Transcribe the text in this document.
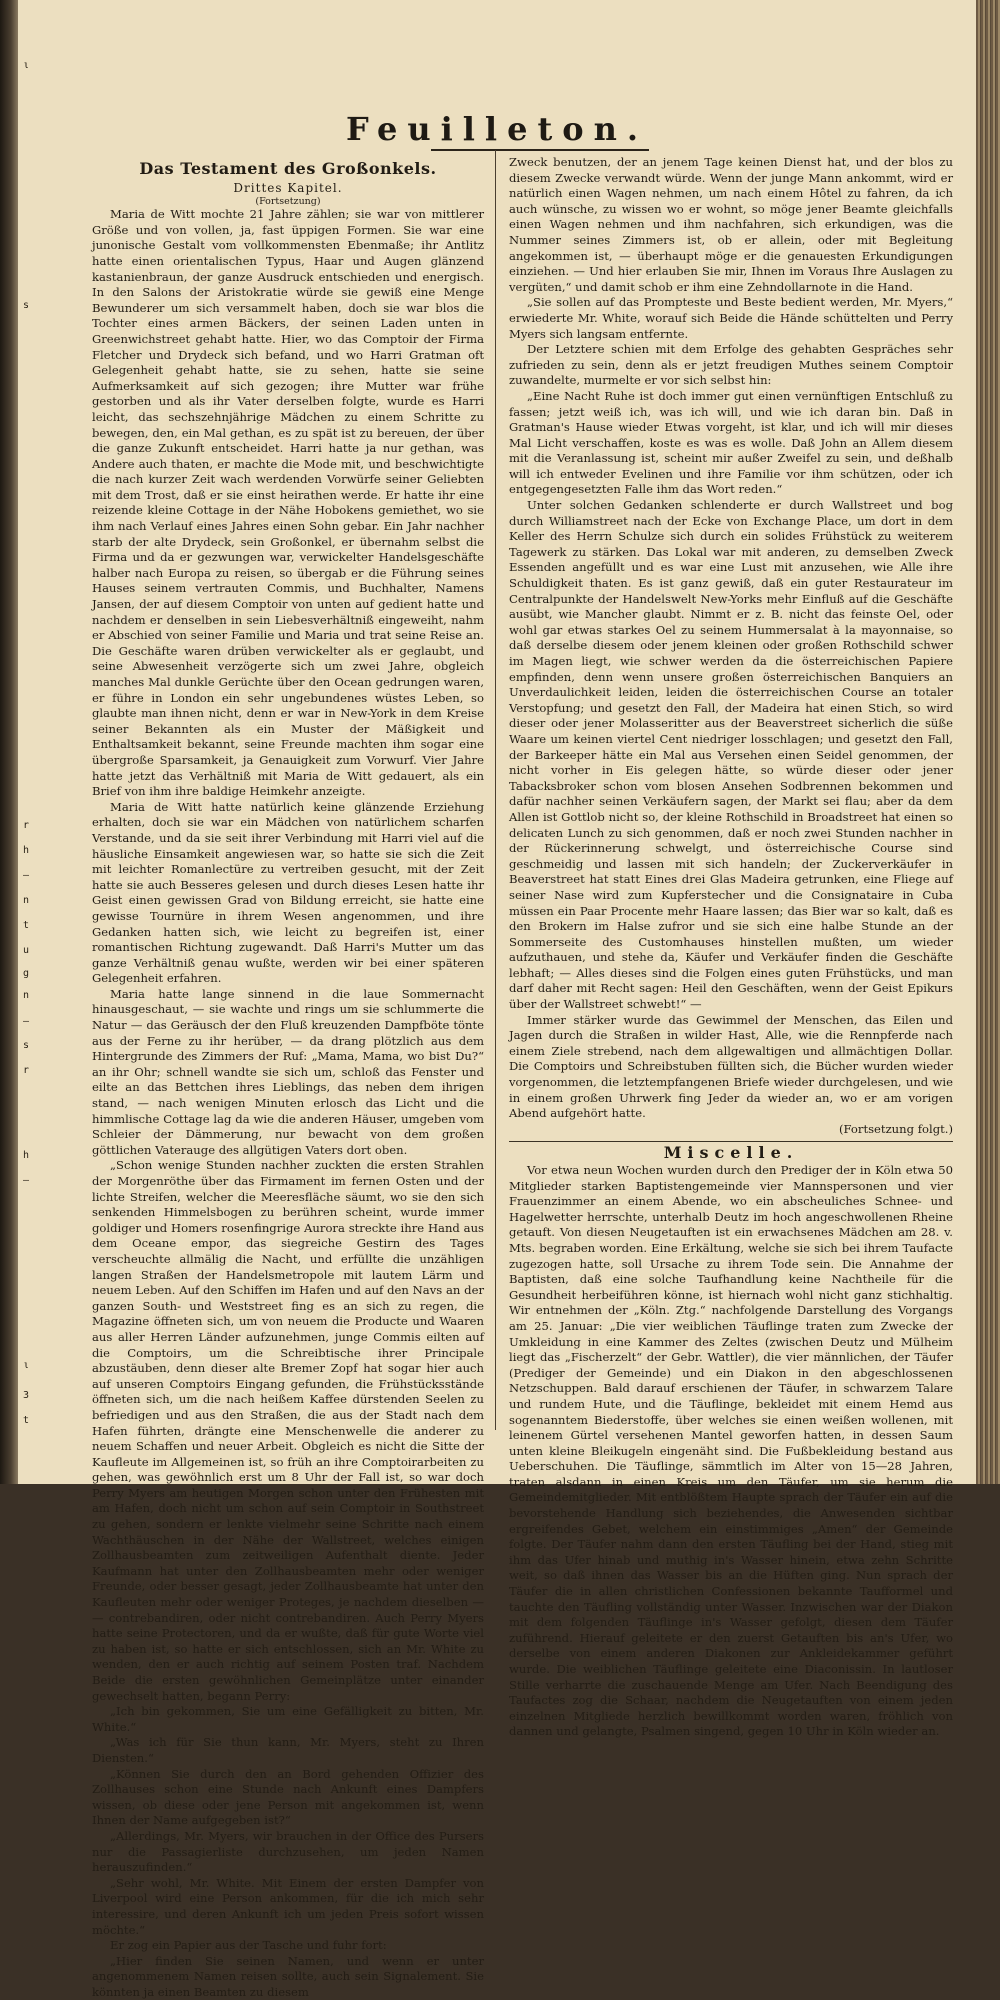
ι
s
r
h
—
n
t
u
g
n
—
s
r
h
—
ι
3
t
Feuilleton.
Das Testament des Großonkels.
Drittes Kapitel.
(Fortsetzung)

Maria de Witt mochte 21 Jahre zählen; sie war von mittlerer Größe und von vollen, ja, fast üppigen Formen. Sie war eine junonische Gestalt vom vollkommensten Ebenmaße; ihr Antlitz hatte einen orientalischen Typus, Haar und Augen glänzend kastanienbraun, der ganze Ausdruck entschieden und energisch. In den Salons der Aristokratie würde sie gewiß eine Menge Bewunderer um sich versammelt haben, doch sie war blos die Tochter eines armen Bäckers, der seinen Laden unten in Greenwichstreet gehabt hatte. Hier, wo das Comptoir der Firma Fletcher und Drydeck sich befand, und wo Harri Gratman oft Gelegenheit gehabt hatte, sie zu sehen, hatte sie seine Aufmerksamkeit auf sich gezogen; ihre Mutter war frühe gestorben und als ihr Vater derselben folgte, wurde es Harri leicht, das sechszehnjährige Mädchen zu einem Schritte zu bewegen, den, ein Mal gethan, es zu spät ist zu bereuen, der über die ganze Zukunft entscheidet. Harri hatte ja nur gethan, was Andere auch thaten, er machte die Mode mit, und beschwichtigte die nach kurzer Zeit wach werdenden Vorwürfe seiner Geliebten mit dem Trost, daß er sie einst heirathen werde. Er hatte ihr eine reizende kleine Cottage in der Nähe Hobokens gemiethet, wo sie ihm nach Verlauf eines Jahres einen Sohn gebar. Ein Jahr nachher starb der alte Drydeck, sein Großonkel, er übernahm selbst die Firma und da er gezwungen war, verwickelter Handelsgeschäfte halber nach Europa zu reisen, so übergab er die Führung seines Hauses seinem vertrauten Commis, und Buchhalter, Namens Jansen, der auf diesem Comptoir von unten auf gedient hatte und nachdem er denselben in sein Liebesverhältniß eingeweiht, nahm er Abschied von seiner Familie und Maria und trat seine Reise an. Die Geschäfte waren drüben verwickelter als er geglaubt, und seine Abwesenheit verzögerte sich um zwei Jahre, obgleich manches Mal dunkle Gerüchte über den Ocean gedrungen waren, er führe in London ein sehr ungebundenes wüstes Leben, so glaubte man ihnen nicht, denn er war in New-York in dem Kreise seiner Bekannten als ein Muster der Mäßigkeit und Enthaltsamkeit bekannt, seine Freunde machten ihm sogar eine übergroße Sparsamkeit, ja Genauigkeit zum Vorwurf. Vier Jahre hatte jetzt das Verhältniß mit Maria de Witt gedauert, als ein Brief von ihm ihre baldige Heimkehr anzeigte.

Maria de Witt hatte natürlich keine glänzende Erziehung erhalten, doch sie war ein Mädchen von natürlichem scharfen Verstande, und da sie seit ihrer Verbindung mit Harri viel auf die häusliche Einsamkeit angewiesen war, so hatte sie sich die Zeit mit leichter Romanlectüre zu vertreiben gesucht, mit der Zeit hatte sie auch Besseres gelesen und durch dieses Lesen hatte ihr Geist einen gewissen Grad von Bildung erreicht, sie hatte eine gewisse Tournüre in ihrem Wesen angenommen, und ihre Gedanken hatten sich, wie leicht zu begreifen ist, einer romantischen Richtung zugewandt. Daß Harri's Mutter um das ganze Verhältniß genau wußte, werden wir bei einer späteren Gelegenheit erfahren.

Maria hatte lange sinnend in die laue Sommernacht hinausgeschaut, — sie wachte und rings um sie schlummerte die Natur — das Geräusch der den Fluß kreuzenden Dampfböte tönte aus der Ferne zu ihr herüber, — da drang plötzlich aus dem Hintergrunde des Zimmers der Ruf: „Mama, Mama, wo bist Du?“ an ihr Ohr; schnell wandte sie sich um, schloß das Fenster und eilte an das Bettchen ihres Lieblings, das neben dem ihrigen stand, — nach wenigen Minuten erlosch das Licht und die himmlische Cottage lag da wie die anderen Häuser, umgeben vom Schleier der Dämmerung, nur bewacht von dem großen göttlichen Vaterauge des allgütigen Vaters dort oben.

„Schon wenige Stunden nachher zuckten die ersten Strahlen der Morgenröthe über das Firmament im fernen Osten und der lichte Streifen, welcher die Meeresfläche säumt, wo sie den sich senkenden Himmelsbogen zu berühren scheint, wurde immer goldiger und Homers rosenfingrige Aurora streckte ihre Hand aus dem Oceane empor, das siegreiche Gestirn des Tages verscheuchte allmälig die Nacht, und erfüllte die unzähligen langen Straßen der Handelsmetropole mit lautem Lärm und neuem Leben. Auf den Schiffen im Hafen und auf den Navs an der ganzen South- und Weststreet fing es an sich zu regen, die Magazine öffneten sich, um von neuem die Producte und Waaren aus aller Herren Länder aufzunehmen, junge Commis eilten auf die Comptoirs, um die Schreibtische ihrer Principale abzustäuben, denn dieser alte Bremer Zopf hat sogar hier auch auf unseren Comptoirs Eingang gefunden, die Frühstücksstände öffneten sich, um die nach heißem Kaffee dürstenden Seelen zu befriedigen und aus den Straßen, die aus der Stadt nach dem Hafen führten, drängte eine Menschenwelle die anderer zu neuem Schaffen und neuer Arbeit. Obgleich es nicht die Sitte der Kaufleute im Allgemeinen ist, so früh an ihre Comptoirarbeiten zu gehen, was gewöhnlich erst um 8 Uhr der Fall ist, so war doch Perry Myers am heutigen Morgen schon unter den Frühesten mit am Hafen, doch nicht um schon auf sein Comptoir in Southstreet zu gehen, sondern er lenkte vielmehr seine Schritte nach einem Wachthäuschen in der Nähe der Wallstreet, welches einigen Zollhausbeamten zum zeitweiligen Aufenthalt diente. Jeder Kaufmann hat unter den Zollhausbeamten mehr oder weniger Freunde, oder besser gesagt, jeder Zollhausbeamte hat unter den Kaufleuten mehr oder weniger Proteges, je nachdem dieselben — — contrebandiren, oder nicht contrebandiren. Auch Perry Myers hatte seine Protectoren, und da er wußte, daß für gute Worte viel zu haben ist, so hatte er sich entschlossen, sich an Mr. White zu wenden, den er auch richtig auf seinem Posten traf. Nachdem Beide die ersten gewöhnlichen Gemeinplätze unter einander gewechselt hatten, begann Perry:

„Ich bin gekommen, Sie um eine Gefälligkeit zu bitten, Mr. White.“

„Was ich für Sie thun kann, Mr. Myers, steht zu Ihren Diensten.“

„Können Sie durch den an Bord gehenden Offizier des Zollhauses schon eine Stunde nach Ankunft eines Dampfers wissen, ob diese oder jene Person mit angekommen ist, wenn Ihnen der Name aufgegeben ist?“

„Allerdings, Mr. Myers, wir brauchen in der Office des Pursers nur die Passagierliste durchzusehen, um jeden Namen herauszufinden.“

„Sehr wohl, Mr. White. Mit Einem der ersten Dampfer von Liverpool wird eine Person ankommen, für die ich mich sehr interessire, und deren Ankunft ich um jeden Preis sofort wissen möchte.“

Er zog ein Papier aus der Tasche und fuhr fort:

„Hier finden Sie seinen Namen, und wenn er unter angenommenem Namen reisen sollte, auch sein Signalement. Sie könnten ja einen Beamten zu diesem

Zweck benutzen, der an jenem Tage keinen Dienst hat, und der blos zu diesem Zwecke verwandt würde. Wenn der junge Mann ankommt, wird er natürlich einen Wagen nehmen, um nach einem Hôtel zu fahren, da ich auch wünsche, zu wissen wo er wohnt, so möge jener Beamte gleichfalls einen Wagen nehmen und ihm nachfahren, sich erkundigen, was die Nummer seines Zimmers ist, ob er allein, oder mit Begleitung angekommen ist, — überhaupt möge er die genauesten Erkundigungen einziehen. — Und hier erlauben Sie mir, Ihnen im Voraus Ihre Auslagen zu vergüten,“ und damit schob er ihm eine Zehndollarnote in die Hand.

„Sie sollen auf das Prompteste und Beste bedient werden, Mr. Myers,“ erwiederte Mr. White, worauf sich Beide die Hände schüttelten und Perry Myers sich langsam entfernte.

Der Letztere schien mit dem Erfolge des gehabten Gespräches sehr zufrieden zu sein, denn als er jetzt freudigen Muthes seinem Comptoir zuwandelte, murmelte er vor sich selbst hin:

„Eine Nacht Ruhe ist doch immer gut einen vernünftigen Entschluß zu fassen; jetzt weiß ich, was ich will, und wie ich daran bin. Daß in Gratman's Hause wieder Etwas vorgeht, ist klar, und ich will mir dieses Mal Licht verschaffen, koste es was es wolle. Daß John an Allem diesem mit die Veranlassung ist, scheint mir außer Zweifel zu sein, und deßhalb will ich entweder Evelinen und ihre Familie vor ihm schützen, oder ich entgegengesetzten Falle ihm das Wort reden.“

Unter solchen Gedanken schlenderte er durch Wallstreet und bog durch Williamstreet nach der Ecke von Exchange Place, um dort in dem Keller des Herrn Schulze sich durch ein solides Frühstück zu weiterem Tagewerk zu stärken. Das Lokal war mit anderen, zu demselben Zweck Essenden angefüllt und es war eine Lust mit anzusehen, wie Alle ihre Schuldigkeit thaten. Es ist ganz gewiß, daß ein guter Restaurateur im Centralpunkte der Handelswelt New-Yorks mehr Einfluß auf die Geschäfte ausübt, wie Mancher glaubt. Nimmt er z. B. nicht das feinste Oel, oder wohl gar etwas starkes Oel zu seinem Hummersalat à la mayonnaise, so daß derselbe diesem oder jenem kleinen oder großen Rothschild schwer im Magen liegt, wie schwer werden da die österreichischen Papiere empfinden, denn wenn unsere großen österreichischen Banquiers an Unverdaulichkeit leiden, leiden die österreichischen Course an totaler Verstopfung; und gesetzt den Fall, der Madeira hat einen Stich, so wird dieser oder jener Molasseritter aus der Beaverstreet sicherlich die süße Waare um keinen viertel Cent niedriger losschlagen; und gesetzt den Fall, der Barkeeper hätte ein Mal aus Versehen einen Seidel genommen, der nicht vorher in Eis gelegen hätte, so würde dieser oder jener Tabacksbroker schon vom blosen Ansehen Sodbrennen bekommen und dafür nachher seinen Verkäufern sagen, der Markt sei flau; aber da dem Allen ist Gottlob nicht so, der kleine Rothschild in Broadstreet hat einen so delicaten Lunch zu sich genommen, daß er noch zwei Stunden nachher in der Rückerinnerung schwelgt, und österreichische Course sind geschmeidig und lassen mit sich handeln; der Zuckerverkäufer in Beaverstreet hat statt Eines drei Glas Madeira getrunken, eine Fliege auf seiner Nase wird zum Kupferstecher und die Consignataire in Cuba müssen ein Paar Procente mehr Haare lassen; das Bier war so kalt, daß es den Brokern im Halse zufror und sie sich eine halbe Stunde an der Sommerseite des Customhauses hinstellen mußten, um wieder aufzuthauen, und stehe da, Käufer und Verkäufer finden die Geschäfte lebhaft; — Alles dieses sind die Folgen eines guten Frühstücks, und man darf daher mit Recht sagen: Heil den Geschäften, wenn der Geist Epikurs über der Wallstreet schwebt!“ —

Immer stärker wurde das Gewimmel der Menschen, das Eilen und Jagen durch die Straßen in wilder Hast, Alle, wie die Rennpferde nach einem Ziele strebend, nach dem allgewaltigen und allmächtigen Dollar. Die Comptoirs und Schreibstuben füllten sich, die Bücher wurden wieder vorgenommen, die letztempfangenen Briefe wieder durchgelesen, und wie in einem großen Uhrwerk fing Jeder da wieder an, wo er am vorigen Abend aufgehört hatte.

(Fortsetzung folgt.)
Miscelle.

Vor etwa neun Wochen wurden durch den Prediger der in Köln etwa 50 Mitglieder starken Baptistengemeinde vier Mannspersonen und vier Frauenzimmer an einem Abende, wo ein abscheuliches Schnee- und Hagelwetter herrschte, unterhalb Deutz im hoch angeschwollenen Rheine getauft. Von diesen Neugetauften ist ein erwachsenes Mädchen am 28. v. Mts. begraben worden. Eine Erkältung, welche sie sich bei ihrem Taufacte zugezogen hatte, soll Ursache zu ihrem Tode sein. Die Annahme der Baptisten, daß eine solche Taufhandlung keine Nachtheile für die Gesundheit herbeiführen könne, ist hiernach wohl nicht ganz stichhaltig. Wir entnehmen der „Köln. Ztg.“ nachfolgende Darstellung des Vorgangs am 25. Januar: „Die vier weiblichen Täuflinge traten zum Zwecke der Umkleidung in eine Kammer des Zeltes (zwischen Deutz und Mülheim liegt das „Fischerzelt“ der Gebr. Wattler), die vier männlichen, der Täufer (Prediger der Gemeinde) und ein Diakon in den abgeschlossenen Netzschuppen. Bald darauf erschienen der Täufer, in schwarzem Talare und rundem Hute, und die Täuflinge, bekleidet mit einem Hemd aus sogenanntem Biederstoffe, über welches sie einen weißen wollenen, mit leinenem Gürtel versehenen Mantel geworfen hatten, in dessen Saum unten kleine Bleikugeln eingenäht sind. Die Fußbekleidung bestand aus Ueberschuhen. Die Täuflinge, sämmtlich im Alter von 15—28 Jahren, traten alsdann in einen Kreis um den Täufer, um sie herum die Gemeindemitglieder. Mit entblößtem Haupte sprach der Täufer ein auf die bevorstehende Handlung sich beziehendes, die Anwesenden sichtbar ergreifendes Gebet, welchem ein einstimmiges „Amen“ der Gemeinde folgte. Der Täufer nahm dann den ersten Täufling bei der Hand, stieg mit ihm das Ufer hinab und muthig in's Wasser hinein, etwa zehn Schritte weit, so daß ihnen das Wasser bis an die Hüften ging. Nun sprach der Täufer die in allen christlichen Confessionen bekannte Taufformel und tauchte den Täufling vollständig unter Wasser. Inzwischen war der Diakon mit dem folgenden Täuflinge in's Wasser gefolgt, diesen dem Täufer zuführend. Hierauf geleitete er den zuerst Getauften bis an's Ufer, wo derselbe von einem anderen Diakonen zur Ankleidekammer geführt wurde. Die weiblichen Täuflinge geleitete eine Diaconissin. In lautloser Stille verharrte die zuschauende Menge am Ufer. Nach Beendigung des Taufactes zog die Schaar, nachdem die Neugetauften von einem jeden einzelnen Mitgliede herzlich bewillkommt worden waren, fröhlich von dannen und gelangte, Psalmen singend, gegen 10 Uhr in Köln wieder an.
